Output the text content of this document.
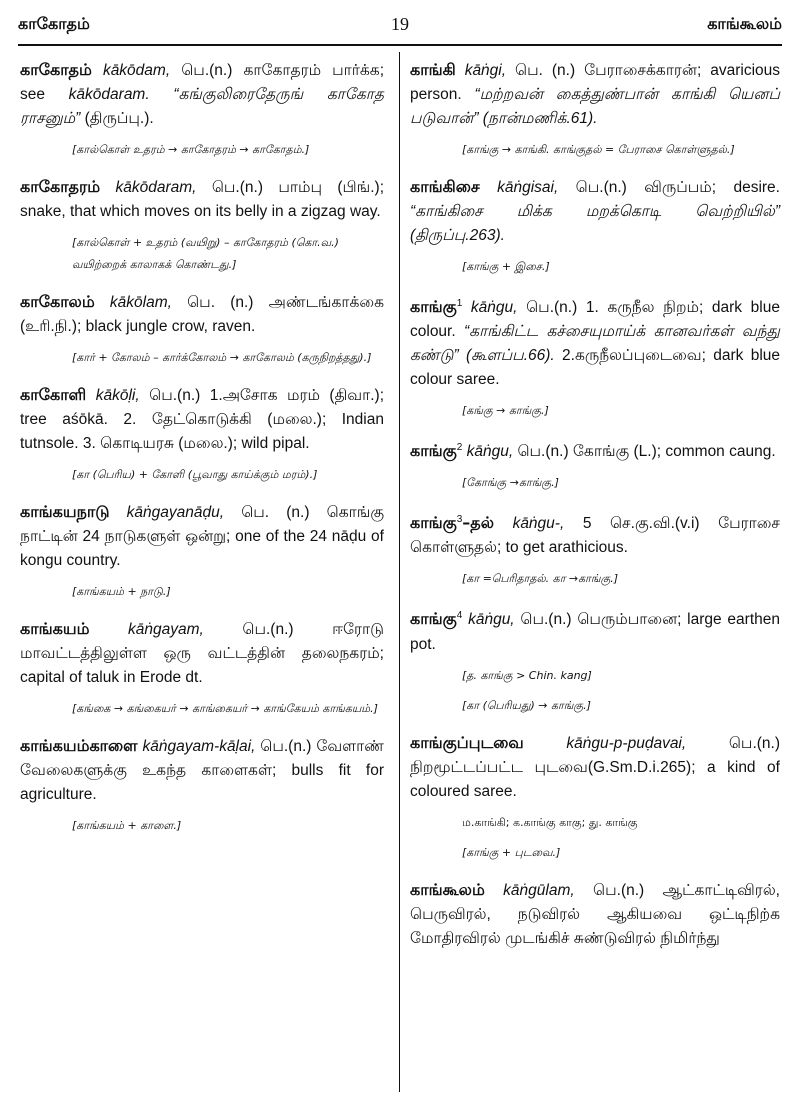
காகோதம்	19	காங்கூலம்
காகோதம் kākōdam, பெ.(n.) காகோதரம் பார்க்க; see kākōdaram. “கங்குலிரைதேருங் காகோத ராசனும்” (திருப்பு.).
[கால்கொள் உதரம் → காகோதரம் → காகோதம்.]
காகோதரம் kākōdaram, பெ.(n.) பாம்பு (பிங்.); snake, that which moves on its belly in a zigzag way.
[கால்கொள் + உதரம் (வயிறு) – காகோதரம் (கொ.வ.) வயிற்றைக் காலாகக் கொண்டது.]
காகோலம் kākōlam, பெ. (n.) அண்டங்காக்கை (உரி.நி.); black jungle crow, raven.
[கார் + கோலம் – கார்க்கோலம் → காகோலம் (கருநிறத்தது).]
காகோளி kākōḷi, பெ.(n.) 1.அசோக மரம் (திவா.); tree aśōkā. 2. தேட்கொடுக்கி (மலை.); Indian tutnsole. 3. கொடியரசு (மலை.); wild pipal.
[கா (பெரிய) + கோளி (பூவாது காய்க்கும் மரம்).]
காங்கயநாடு kāṅgayanāḍu, பெ. (n.) கொங்கு நாட்டின் 24 நாடுகளுள் ஒன்று; one of the 24 nāḍu of kongu country.
[காங்கயம் + நாடு.]
காங்கயம் kāṅgayam, பெ.(n.) ஈரோடு மாவட்டத்திலுள்ள ஒரு வட்டத்தின் தலைநகரம்; capital of taluk in Erode dt.
[கங்கை → கங்கையர் → காங்கையர் → காங்கேயம் காங்கயம்.]
காங்கயம்காளை kāṅgayam-kāḷai, பெ.(n.) வேளாண் வேலைகளுக்கு உகந்த காளைகள்; bulls fit for agriculture.
[காங்கயம் + காளை.]
காங்கி kāṅgi, பெ. (n.) பேராசைக்காரன்; avaricious person. “மற்றவன் கைத்துண்பான் காங்கி யெனப் படுவான்” (நான்மணிக்.61).
[காங்கு → காங்கி. காங்குதல் = பேராசை கொள்ளுதல்.]
காங்கிசை kāṅgisai, பெ.(n.) விருப்பம்; desire. “காங்கிசை மிக்க மறக்கொடி வெற்றியில்” (திருப்பு.263).
[காங்கு + இசை.]
காங்கு$^1$ kāṅgu, பெ.(n.) 1. கருநீல நிறம்; dark blue colour. “காங்கிட்ட கச்சையுமாய்க் கானவர்கள் வந்து கண்டு” (கூளப்ப.66). 2.கருநீலப்புடைவை; dark blue colour saree.
[கங்கு → காங்கு.]
காங்கு$^2$ kāṅgu, பெ.(n.) கோங்கு (L.); common caung.
[கோங்கு →காங்கு.]
காங்கு$^3$–தல் kāṅgu-, 5 செ.கு.வி.(v.i) பேராசை கொள்ளுதல்; to get arathicious.
[கா =பெரிதாதல். கா →காங்கு.]
காங்கு$^4$ kāṅgu, பெ.(n.) பெரும்பானை; large earthen pot.
[த. காங்கு > Chin. kang]
[கா (பெரியது) → காங்கு.]
காங்குப்புடவை	kāṅgu-p-puḍavai, பெ.(n.) நிறமூட்டப்பட்ட புடவை(G.Sm.D.i.265); a kind of coloured saree.
ம.காங்கி; க.காங்கு காகு; து. காங்கு
[காங்கு + புடவை.]
காங்கூலம் kāṅgūlam, பெ.(n.) ஆட்காட்டிவிரல், பெருவிரல், நடுவிரல் ஆகியவை ஒட்டிநிற்க மோதிரவிரல் முடங்கிச் சுண்டுவிரல் நிமிர்ந்து
